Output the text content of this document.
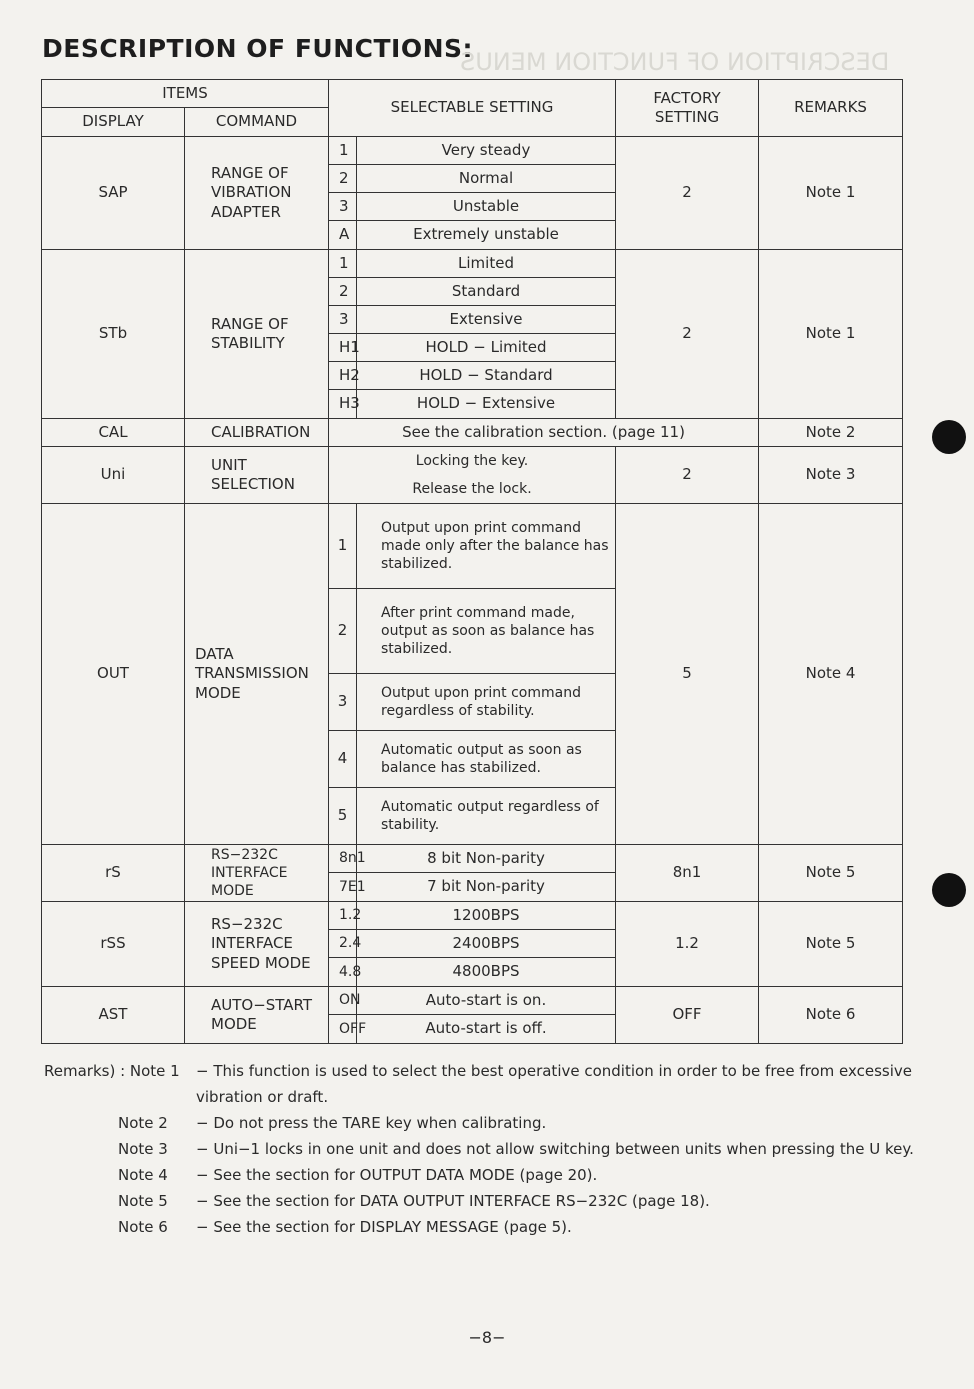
DESCRIPTION OF FUNCTIONS:
DESCRIPTION OF FUNCTION MENUS
ITEMS		SELECTABLE SETTING		FACTORY SETTING	REMARKS
DISPLAY	COMMAND				
SAP	RANGE OF VIBRATION ADAPTER	1	Very steady	2	Note 1
		2	Normal		
		3	Unstable		
		A	Extremely unstable		
STb	RANGE OF STABILITY	1	Limited	2	Note 1
		2	Standard		
		3	Extensive		
		H1	HOLD − Limited		
		H2	HOLD − Standard		
		H3	HOLD − Extensive		
CAL	CALIBRATION	See the calibration section. (page 11)			Note 2
Uni	UNIT SELECTION	Locking the key.		2	Note 3
		Release the lock.			
OUT	DATA TRANSMISSION MODE	1	Output upon print command made only after the balance has stabilized.	5	Note 4
		2	After print command made, output as soon as balance has stabilized.		
		3	Output upon print command regardless of stability.		
		4	Automatic output as soon as balance has stabilized.		
		5	Automatic output regardless of stability.		
rS	RS−232C INTERFACE MODE	8n1	8 bit Non-parity	8n1	Note 5
		7E1	7 bit Non-parity		
rSS	RS−232C INTERFACE SPEED MODE	1.2	1200BPS	1.2	Note 5
		2.4	2400BPS		
		4.8	4800BPS		
AST	AUTO−START MODE	ON	Auto-start is on.	OFF	Note 6
		OFF	Auto-start is off.		
Remarks) : Note 1	− This function is used to select the best operative condition in order to be free from excessive
vibration or draft.
Note 2 − Do not press the TARE key when calibrating.
Note 3 − Uni−1 locks in one unit and does not allow switching between units when pressing the U key.
Note 4 − See the section for OUTPUT DATA MODE (page 20).
Note 5 − See the section for DATA OUTPUT INTERFACE RS−232C (page 18).
Note 6 − See the section for DISPLAY MESSAGE (page 5).
−8−
